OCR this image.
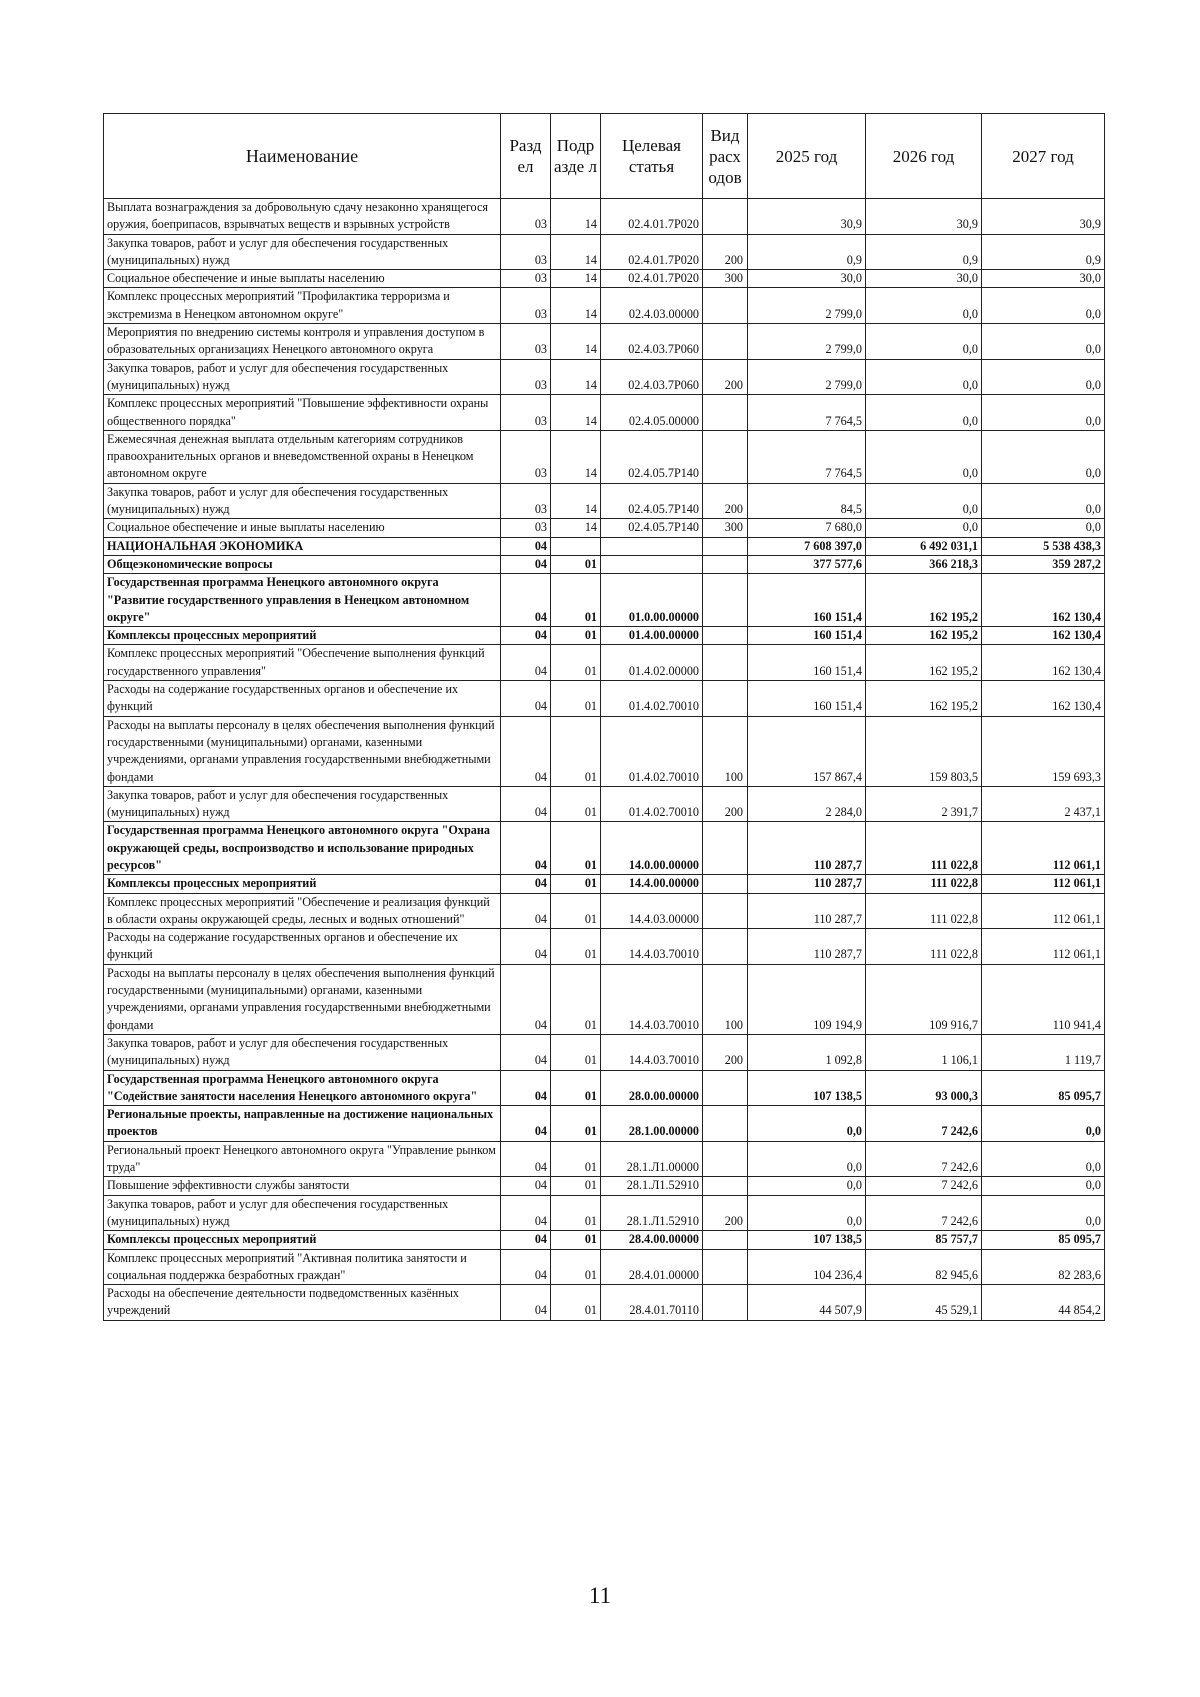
Наименование	Разд ел	Подр азде л	Целевая статья	Вид расх одов	2025 год	2026 год	2027 год
Выплата вознаграждения за добровольную сдачу незаконно хранящегося оружия, боеприпасов, взрывчатых веществ и взрывных устройств	03	14	02.4.01.7Р020		30,9	30,9	30,9
Закупка товаров, работ и услуг для обеспечения государственных (муниципальных) нужд	03	14	02.4.01.7Р020	200	0,9	0,9	0,9
Социальное обеспечение и иные выплаты населению	03	14	02.4.01.7Р020	300	30,0	30,0	30,0
Комплекс процессных мероприятий "Профилактика терроризма и экстремизма в Ненецком автономном округе"	03	14	02.4.03.00000		2 799,0	0,0	0,0
Мероприятия по внедрению системы контроля и управления доступом в образовательных организациях Ненецкого автономного округа	03	14	02.4.03.7Р060		2 799,0	0,0	0,0
Закупка товаров, работ и услуг для обеспечения государственных (муниципальных) нужд	03	14	02.4.03.7Р060	200	2 799,0	0,0	0,0
Комплекс процессных мероприятий "Повышение эффективности охраны общественного порядка"	03	14	02.4.05.00000		7 764,5	0,0	0,0
Ежемесячная денежная выплата отдельным категориям сотрудников правоохранительных органов и вневедомственной охраны в Ненецком автономном округе	03	14	02.4.05.7Р140		7 764,5	0,0	0,0
Закупка товаров, работ и услуг для обеспечения государственных (муниципальных) нужд	03	14	02.4.05.7Р140	200	84,5	0,0	0,0
Социальное обеспечение и иные выплаты населению	03	14	02.4.05.7Р140	300	7 680,0	0,0	0,0
НАЦИОНАЛЬНАЯ ЭКОНОМИКА	04				7 608 397,0	6 492 031,1	5 538 438,3
Общеэкономические вопросы	04	01			377 577,6	366 218,3	359 287,2
Государственная программа Ненецкого автономного округа "Развитие государственного управления в Ненецком автономном округе"	04	01	01.0.00.00000		160 151,4	162 195,2	162 130,4
Комплексы процессных мероприятий	04	01	01.4.00.00000		160 151,4	162 195,2	162 130,4
Комплекс процессных мероприятий "Обеспечение выполнения функций государственного управления"	04	01	01.4.02.00000		160 151,4	162 195,2	162 130,4
Расходы на содержание государственных органов и обеспечение их функций	04	01	01.4.02.70010		160 151,4	162 195,2	162 130,4
Расходы на выплаты персоналу в целях обеспечения выполнения функций государственными (муниципальными) органами, казенными учреждениями, органами управления государственными внебюджетными фондами	04	01	01.4.02.70010	100	157 867,4	159 803,5	159 693,3
Закупка товаров, работ и услуг для обеспечения государственных (муниципальных) нужд	04	01	01.4.02.70010	200	2 284,0	2 391,7	2 437,1
Государственная программа Ненецкого автономного округа "Охрана окружающей среды, воспроизводство и использование природных ресурсов"	04	01	14.0.00.00000		110 287,7	111 022,8	112 061,1
Комплексы процессных мероприятий	04	01	14.4.00.00000		110 287,7	111 022,8	112 061,1
Комплекс процессных мероприятий "Обеспечение и реализация функций в области охраны окружающей среды, лесных и водных отношений"	04	01	14.4.03.00000		110 287,7	111 022,8	112 061,1
Расходы на содержание государственных органов и обеспечение их функций	04	01	14.4.03.70010		110 287,7	111 022,8	112 061,1
Расходы на выплаты персоналу в целях обеспечения выполнения функций государственными (муниципальными) органами, казенными учреждениями, органами управления государственными внебюджетными фондами	04	01	14.4.03.70010	100	109 194,9	109 916,7	110 941,4
Закупка товаров, работ и услуг для обеспечения государственных (муниципальных) нужд	04	01	14.4.03.70010	200	1 092,8	1 106,1	1 119,7
Государственная программа Ненецкого автономного округа "Содействие занятости населения Ненецкого автономного округа"	04	01	28.0.00.00000		107 138,5	93 000,3	85 095,7
Региональные проекты, направленные на достижение национальных проектов	04	01	28.1.00.00000		0,0	7 242,6	0,0
Региональный проект Ненецкого автономного округа "Управление рынком труда"	04	01	28.1.Л1.00000		0,0	7 242,6	0,0
Повышение эффективности службы занятости	04	01	28.1.Л1.52910		0,0	7 242,6	0,0
Закупка товаров, работ и услуг для обеспечения государственных (муниципальных) нужд	04	01	28.1.Л1.52910	200	0,0	7 242,6	0,0
Комплексы процессных мероприятий	04	01	28.4.00.00000		107 138,5	85 757,7	85 095,7
Комплекс процессных мероприятий "Активная политика занятости и социальная поддержка безработных граждан"	04	01	28.4.01.00000		104 236,4	82 945,6	82 283,6
Расходы на обеспечение деятельности подведомственных казённых учреждений	04	01	28.4.01.70110		44 507,9	45 529,1	44 854,2
11
